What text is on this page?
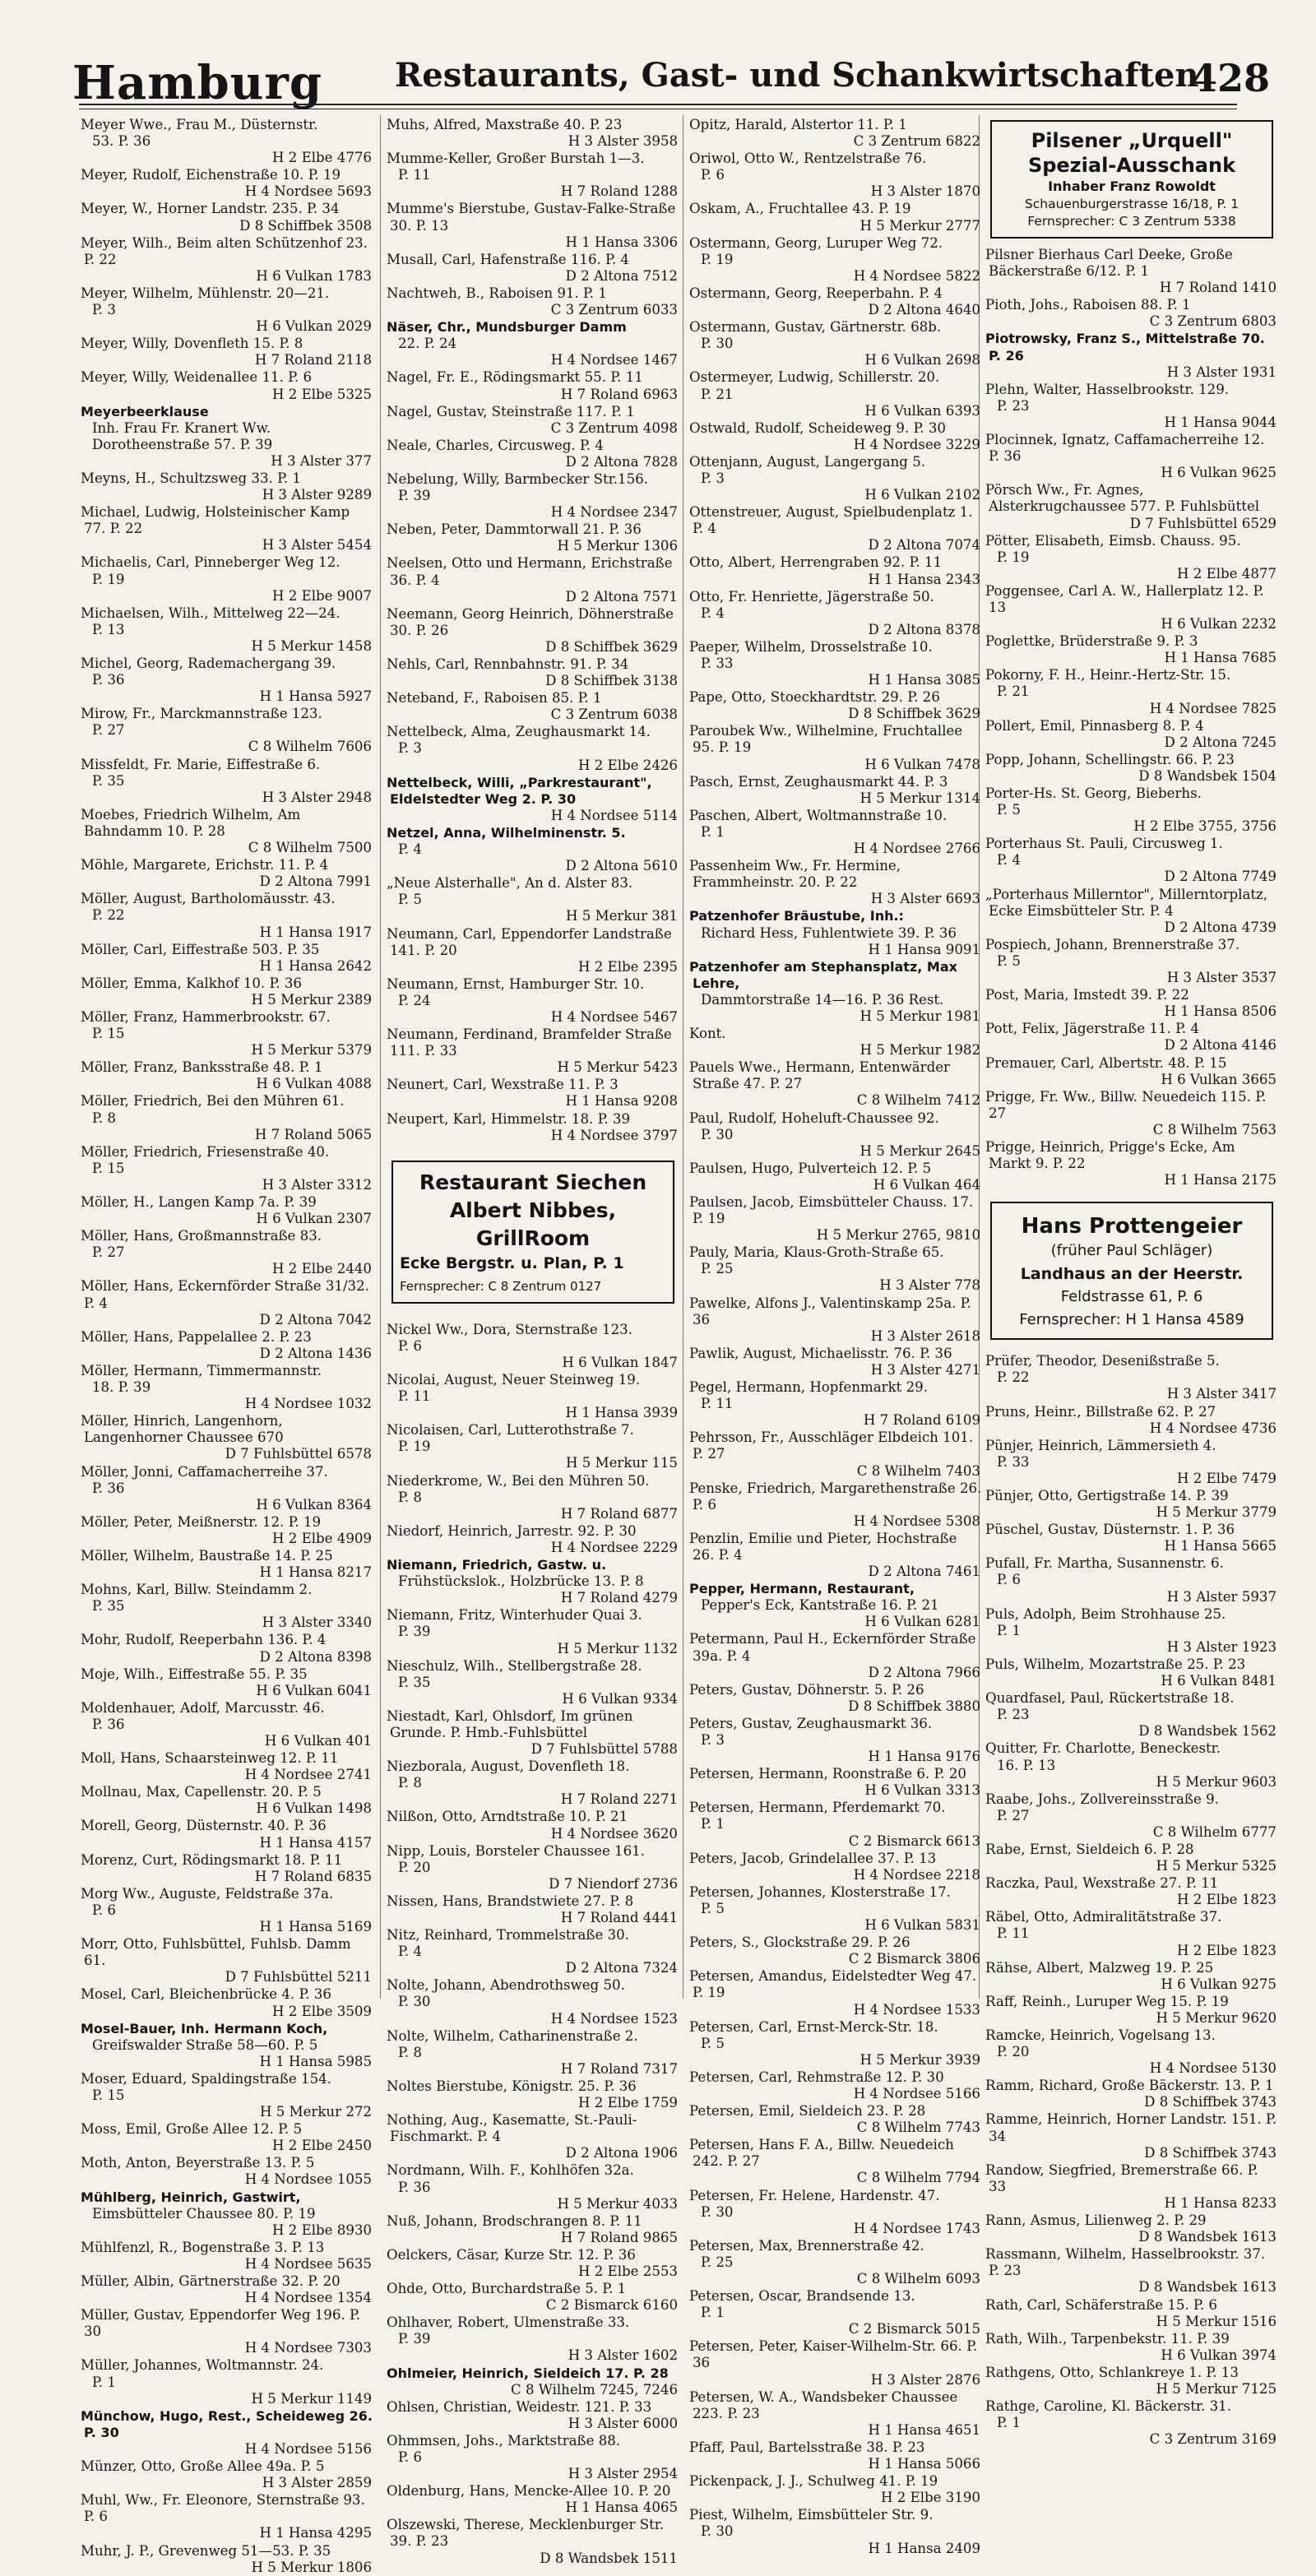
Hamburg Restaurants, Gast- und Schankwirtschaften
428
Meyer Wwe., Frau M., Düsternstr.
53. P. 36
H 2 Elbe 4776
Meyer, Rudolf, Eichenstraße 10. P. 19
H 4 Nordsee 5693
Meyer, W., Horner Landstr. 235. P. 34
D 8 Schiffbek 3508
Meyer, Wilh., Beim alten Schützenhof 23. P. 22
H 6 Vulkan 1783
Meyer, Wilhelm, Mühlenstr. 20—21.
P. 3
H 6 Vulkan 2029
Meyer, Willy, Dovenfleth 15. P. 8
H 7 Roland 2118
Meyer, Willy, Weidenallee 11. P. 6
H 2 Elbe 5325
Meyerbeerklause
Inh. Frau Fr. Kranert Ww. Dorotheenstraße 57. P. 39
H 3 Alster 377
Meyns, H., Schultzsweg 33. P. 1
H 3 Alster 9289
Michael, Ludwig, Holsteinischer Kamp 77. P. 22
H 3 Alster 5454
Michaelis, Carl, Pinneberger Weg 12.
P. 19
H 2 Elbe 9007
Michaelsen, Wilh., Mittelweg 22—24.
P. 13
H 5 Merkur 1458
Michel, Georg, Rademachergang 39.
P. 36
H 1 Hansa 5927
Mirow, Fr., Marckmannstraße 123.
P. 27
C 8 Wilhelm 7606
Missfeldt, Fr. Marie, Eiffestraße 6.
P. 35
H 3 Alster 2948
Moebes, Friedrich Wilhelm, Am Bahndamm 10. P. 28
C 8 Wilhelm 7500
Möhle, Margarete, Erichstr. 11. P. 4
D 2 Altona 7991
Möller, August, Bartholomäusstr. 43.
P. 22
H 1 Hansa 1917
Möller, Carl, Eiffestraße 503. P. 35
H 1 Hansa 2642
Möller, Emma, Kalkhof 10. P. 36
H 5 Merkur 2389
Möller, Franz, Hammerbrookstr. 67.
P. 15
H 5 Merkur 5379
Möller, Franz, Banksstraße 48. P. 1
H 6 Vulkan 4088
Möller, Friedrich, Bei den Mühren 61.
P. 8
H 7 Roland 5065
Möller, Friedrich, Friesenstraße 40.
P. 15
H 3 Alster 3312
Möller, H., Langen Kamp 7a. P. 39
H 6 Vulkan 2307
Möller, Hans, Großmannstraße 83.
P. 27
H 2 Elbe 2440
Möller, Hans, Eckernförder Straße 31/32. P. 4
D 2 Altona 7042
Möller, Hans, Pappelallee 2. P. 23
D 2 Altona 1436
Möller, Hermann, Timmermannstr.
18. P. 39
H 4 Nordsee 1032
Möller, Hinrich, Langenhorn, Langenhorner Chaussee 670
D 7 Fuhlsbüttel 6578
Möller, Jonni, Caffamacherreihe 37.
P. 36
H 6 Vulkan 8364
Möller, Peter, Meißnerstr. 12. P. 19
H 2 Elbe 4909
Möller, Wilhelm, Baustraße 14. P. 25
H 1 Hansa 8217
Mohns, Karl, Billw. Steindamm 2.
P. 35
H 3 Alster 3340
Mohr, Rudolf, Reeperbahn 136. P. 4
D 2 Altona 8398
Moje, Wilh., Eiffestraße 55. P. 35
H 6 Vulkan 6041
Moldenhauer, Adolf, Marcusstr. 46.
P. 36
H 6 Vulkan 401
Moll, Hans, Schaarsteinweg 12. P. 11
H 4 Nordsee 2741
Mollnau, Max, Capellenstr. 20. P. 5
H 6 Vulkan 1498
Morell, Georg, Düsternstr. 40. P. 36
H 1 Hansa 4157
Morenz, Curt, Rödingsmarkt 18. P. 11
H 7 Roland 6835
Morg Ww., Auguste, Feldstraße 37a.
P. 6
H 1 Hansa 5169
Morr, Otto, Fuhlsbüttel, Fuhlsb. Damm 61.
D 7 Fuhlsbüttel 5211
Mosel, Carl, Bleichenbrücke 4. P. 36
H 2 Elbe 3509
Mosel-Bauer, Inh. Hermann Koch,
Greifswalder Straße 58—60. P. 5
H 1 Hansa 5985
Moser, Eduard, Spaldingstraße 154.
P. 15
H 5 Merkur 272
Moss, Emil, Große Allee 12. P. 5
H 2 Elbe 2450
Moth, Anton, Beyerstraße 13. P. 5
H 4 Nordsee 1055
Mühlberg, Heinrich, Gastwirt,
Eimsbütteler Chaussee 80. P. 19
H 2 Elbe 8930
Mühlfenzl, R., Bogenstraße 3. P. 13
H 4 Nordsee 5635
Müller, Albin, Gärtnerstraße 32. P. 20
H 4 Nordsee 1354
Müller, Gustav, Eppendorfer Weg 196. P. 30
H 4 Nordsee 7303
Müller, Johannes, Woltmannstr. 24.
P. 1
H 5 Merkur 1149
Münchow, Hugo, Rest., Scheideweg 26. P. 30
H 4 Nordsee 5156
Münzer, Otto, Große Allee 49a. P. 5
H 3 Alster 2859
Muhl, Ww., Fr. Eleonore, Sternstraße 93. P. 6
H 1 Hansa 4295
Muhr, J. P., Grevenweg 51—53. P. 35
H 5 Merkur 1806
Muhs, Alfred, Maxstraße 40. P. 23
H 3 Alster 3958
Mumme-Keller, Großer Burstah 1—3.
P. 11
H 7 Roland 1288
Mumme's Bierstube, Gustav-Falke-Straße 30. P. 13
H 1 Hansa 3306
Musall, Carl, Hafenstraße 116. P. 4
D 2 Altona 7512
Nachtweh, B., Raboisen 91. P. 1
C 3 Zentrum 6033
Näser, Chr., Mundsburger Damm
22. P. 24
H 4 Nordsee 1467
Nagel, Fr. E., Rödingsmarkt 55. P. 11
H 7 Roland 6963
Nagel, Gustav, Steinstraße 117. P. 1
C 3 Zentrum 4098
Neale, Charles, Circusweg. P. 4
D 2 Altona 7828
Nebelung, Willy, Barmbecker Str.156.
P. 39
H 4 Nordsee 2347
Neben, Peter, Dammtorwall 21. P. 36
H 5 Merkur 1306
Neelsen, Otto und Hermann, Erichstraße 36. P. 4
D 2 Altona 7571
Neemann, Georg Heinrich, Döhnerstraße 30. P. 26
D 8 Schiffbek 3629
Nehls, Carl, Rennbahnstr. 91. P. 34
D 8 Schiffbek 3138
Neteband, F., Raboisen 85. P. 1
C 3 Zentrum 6038
Nettelbeck, Alma, Zeughausmarkt 14.
P. 3
H 2 Elbe 2426
Nettelbeck, Willi, „Parkrestaurant", Eldelstedter Weg 2. P. 30
H 4 Nordsee 5114
Netzel, Anna, Wilhelminenstr. 5.
P. 4
D 2 Altona 5610
„Neue Alsterhalle", An d. Alster 83.
P. 5
H 5 Merkur 381
Neumann, Carl, Eppendorfer Landstraße 141. P. 20
H 2 Elbe 2395
Neumann, Ernst, Hamburger Str. 10.
P. 24
H 4 Nordsee 5467
Neumann, Ferdinand, Bramfelder Straße 111. P. 33
H 5 Merkur 5423
Neunert, Carl, Wexstraße 11. P. 3
H 1 Hansa 9208
Neupert, Karl, Himmelstr. 18. P. 39
H 4 Nordsee 3797
Restaurant Siechen
Albert Nibbes, GrillRoom
Ecke Bergstr. u. Plan, P. 1
Fernsprecher: C 8 Zentrum 0127
Nickel Ww., Dora, Sternstraße 123.
P. 6
H 6 Vulkan 1847
Nicolai, August, Neuer Steinweg 19.
P. 11
H 1 Hansa 3939
Nicolaisen, Carl, Lutterothstraße 7.
P. 19
H 5 Merkur 115
Niederkrome, W., Bei den Mühren 50.
P. 8
H 7 Roland 6877
Niedorf, Heinrich, Jarrestr. 92. P. 30
H 4 Nordsee 2229
Niemann, Friedrich, Gastw. u.
Frühstückslok., Holzbrücke 13. P. 8
H 7 Roland 4279
Niemann, Fritz, Winterhuder Quai 3.
P. 39
H 5 Merkur 1132
Nieschulz, Wilh., Stellbergstraße 28.
P. 35
H 6 Vulkan 9334
Niestadt, Karl, Ohlsdorf, Im grünen Grunde. P. Hmb.-Fuhlsbüttel
D 7 Fuhlsbüttel 5788
Niezborala, August, Dovenfleth 18.
P. 8
H 7 Roland 2271
Nilßon, Otto, Arndtstraße 10. P. 21
H 4 Nordsee 3620
Nipp, Louis, Borsteler Chaussee 161.
P. 20
D 7 Niendorf 2736
Nissen, Hans, Brandstwiete 27. P. 8
H 7 Roland 4441
Nitz, Reinhard, Trommelstraße 30.
P. 4
D 2 Altona 7324
Nolte, Johann, Abendrothsweg 50.
P. 30
H 4 Nordsee 1523
Nolte, Wilhelm, Catharinenstraße 2.
P. 8
H 7 Roland 7317
Noltes Bierstube, Königstr. 25. P. 36
H 2 Elbe 1759
Nothing, Aug., Kasematte, St.-Pauli-Fischmarkt. P. 4
D 2 Altona 1906
Nordmann, Wilh. F., Kohlhöfen 32a.
P. 36
H 5 Merkur 4033
Nuß, Johann, Brodschrangen 8. P. 11
H 7 Roland 9865
Oelckers, Cäsar, Kurze Str. 12. P. 36
H 2 Elbe 2553
Ohde, Otto, Burchardstraße 5. P. 1
C 2 Bismarck 6160
Ohlhaver, Robert, Ulmenstraße 33.
P. 39
H 3 Alster 1602
Ohlmeier, Heinrich, Sieldeich 17. P. 28
C 8 Wilhelm 7245, 7246
Ohlsen, Christian, Weidestr. 121. P. 33
H 3 Alster 6000
Ohmmsen, Johs., Marktstraße 88.
P. 6
H 3 Alster 2954
Oldenburg, Hans, Mencke-Allee 10. P. 20
H 1 Hansa 4065
Olszewski, Therese, Mecklenburger Str. 39. P. 23
D 8 Wandsbek 1511
Opitz, Harald, Alstertor 11. P. 1
C 3 Zentrum 6822
Oriwol, Otto W., Rentzelstraße 76.
P. 6
H 3 Alster 1870
Oskam, A., Fruchtallee 43. P. 19
H 5 Merkur 2777
Ostermann, Georg, Luruper Weg 72.
P. 19
H 4 Nordsee 5822
Ostermann, Georg, Reeperbahn. P. 4
D 2 Altona 4640
Ostermann, Gustav, Gärtnerstr. 68b.
P. 30
H 6 Vulkan 2698
Ostermeyer, Ludwig, Schillerstr. 20.
P. 21
H 6 Vulkan 6393
Ostwald, Rudolf, Scheideweg 9. P. 30
H 4 Nordsee 3229
Ottenjann, August, Langergang 5.
P. 3
H 6 Vulkan 2102
Ottenstreuer, August, Spielbudenplatz 1. P. 4
D 2 Altona 7074
Otto, Albert, Herrengraben 92. P. 11
H 1 Hansa 2343
Otto, Fr. Henriette, Jägerstraße 50.
P. 4
D 2 Altona 8378
Paeper, Wilhelm, Drosselstraße 10.
P. 33
H 1 Hansa 3085
Pape, Otto, Stoeckhardtstr. 29. P. 26
D 8 Schiffbek 3629
Paroubek Ww., Wilhelmine, Fruchtallee 95. P. 19
H 6 Vulkan 7478
Pasch, Ernst, Zeughausmarkt 44. P. 3
H 5 Merkur 1314
Paschen, Albert, Woltmannstraße 10.
P. 1
H 4 Nordsee 2766
Passenheim Ww., Fr. Hermine, Frammheinstr. 20. P. 22
H 3 Alster 6693
Patzenhofer Bräustube, Inh.:
Richard Hess, Fuhlentwiete 39. P. 36
H 1 Hansa 9091
Patzenhofer am Stephansplatz, Max Lehre,
Dammtorstraße 14—16. P. 36 Rest.
H 5 Merkur 1981
Kont.
H 5 Merkur 1982
Pauels Wwe., Hermann, Entenwärder Straße 47. P. 27
C 8 Wilhelm 7412
Paul, Rudolf, Hoheluft-Chaussee 92.
P. 30
H 5 Merkur 2645
Paulsen, Hugo, Pulverteich 12. P. 5
H 6 Vulkan 464
Paulsen, Jacob, Eimsbütteler Chauss. 17. P. 19
H 5 Merkur 2765, 9810
Pauly, Maria, Klaus-Groth-Straße 65.
P. 25
H 3 Alster 778
Pawelke, Alfons J., Valentinskamp 25a. P. 36
H 3 Alster 2618
Pawlik, August, Michaelisstr. 76. P. 36
H 3 Alster 4271
Pegel, Hermann, Hopfenmarkt 29.
P. 11
H 7 Roland 6109
Pehrsson, Fr., Ausschläger Elbdeich 101. P. 27
C 8 Wilhelm 7403
Penske, Friedrich, Margarethenstraße 26. P. 6
H 4 Nordsee 5308
Penzlin, Emilie und Pieter, Hochstraße 26. P. 4
D 2 Altona 7461
Pepper, Hermann, Restaurant,
Pepper's Eck, Kantstraße 16. P. 21
H 6 Vulkan 6281
Petermann, Paul H., Eckernförder Straße 39a. P. 4
D 2 Altona 7966
Peters, Gustav, Döhnerstr. 5. P. 26
D 8 Schiffbek 3880
Peters, Gustav, Zeughausmarkt 36.
P. 3
H 1 Hansa 9176
Petersen, Hermann, Roonstraße 6. P. 20
H 6 Vulkan 3313
Petersen, Hermann, Pferdemarkt 70.
P. 1
C 2 Bismarck 6613
Peters, Jacob, Grindelallee 37. P. 13
H 4 Nordsee 2218
Petersen, Johannes, Klosterstraße 17.
P. 5
H 6 Vulkan 5831
Peters, S., Glockstraße 29. P. 26
C 2 Bismarck 3806
Petersen, Amandus, Eidelstedter Weg 47. P. 19
H 4 Nordsee 1533
Petersen, Carl, Ernst-Merck-Str. 18.
P. 5
H 5 Merkur 3939
Petersen, Carl, Rehmstraße 12. P. 30
H 4 Nordsee 5166
Petersen, Emil, Sieldeich 23. P. 28
C 8 Wilhelm 7743
Petersen, Hans F. A., Billw. Neuedeich 242. P. 27
C 8 Wilhelm 7794
Petersen, Fr. Helene, Hardenstr. 47.
P. 30
H 4 Nordsee 1743
Petersen, Max, Brennerstraße 42.
P. 25
C 8 Wilhelm 6093
Petersen, Oscar, Brandsende 13.
P. 1
C 2 Bismarck 5015
Petersen, Peter, Kaiser-Wilhelm-Str. 66. P. 36
H 3 Alster 2876
Petersen, W. A., Wandsbeker Chaussee 223. P. 23
H 1 Hansa 4651
Pfaff, Paul, Bartelsstraße 38. P. 23
H 1 Hansa 5066
Pickenpack, J. J., Schulweg 41. P. 19
H 2 Elbe 3190
Piest, Wilhelm, Eimsbütteler Str. 9.
P. 30
H 1 Hansa 2409
Pilsener „Urquell"
Spezial-Ausschank
Inhaber Franz Rowoldt
Schauenburgerstrasse 16/18, P. 1
Fernsprecher: C 3 Zentrum 5338
Pilsner Bierhaus Carl Deeke, Große Bäckerstraße 6/12. P. 1
H 7 Roland 1410
Pioth, Johs., Raboisen 88. P. 1
C 3 Zentrum 6803
Piotrowsky, Franz S., Mittelstraße 70. P. 26
H 3 Alster 1931
Plehn, Walter, Hasselbrookstr. 129.
P. 23
H 1 Hansa 9044
Plocinnek, Ignatz, Caffamacherreihe 12. P. 36
H 6 Vulkan 9625
Pörsch Ww., Fr. Agnes, Alsterkrugchaussee 577. P. Fuhlsbüttel
D 7 Fuhlsbüttel 6529
Pötter, Elisabeth, Eimsb. Chauss. 95.
P. 19
H 2 Elbe 4877
Poggensee, Carl A. W., Hallerplatz 12. P. 13
H 6 Vulkan 2232
Poglettke, Brüderstraße 9. P. 3
H 1 Hansa 7685
Pokorny, F. H., Heinr.-Hertz-Str. 15.
P. 21
H 4 Nordsee 7825
Pollert, Emil, Pinnasberg 8. P. 4
D 2 Altona 7245
Popp, Johann, Schellingstr. 66. P. 23
D 8 Wandsbek 1504
Porter-Hs. St. Georg, Bieberhs.
P. 5
H 2 Elbe 3755, 3756
Porterhaus St. Pauli, Circusweg 1.
P. 4
D 2 Altona 7749
„Porterhaus Millerntor", Millerntorplatz, Ecke Eimsbütteler Str. P. 4
D 2 Altona 4739
Pospiech, Johann, Brennerstraße 37.
P. 5
H 3 Alster 3537
Post, Maria, Imstedt 39. P. 22
H 1 Hansa 8506
Pott, Felix, Jägerstraße 11. P. 4
D 2 Altona 4146
Premauer, Carl, Albertstr. 48. P. 15
H 6 Vulkan 3665
Prigge, Fr. Ww., Billw. Neuedeich 115. P. 27
C 8 Wilhelm 7563
Prigge, Heinrich, Prigge's Ecke, Am Markt 9. P. 22
H 1 Hansa 2175
Hans Prottengeier
(früher Paul Schläger)
Landhaus an der Heerstr.
Feldstrasse 61, P. 6
Fernsprecher: H 1 Hansa 4589
Prüfer, Theodor, Desenißstraße 5.
P. 22
H 3 Alster 3417
Pruns, Heinr., Billstraße 62. P. 27
H 4 Nordsee 4736
Pünjer, Heinrich, Lämmersieth 4.
P. 33
H 2 Elbe 7479
Pünjer, Otto, Gertigstraße 14. P. 39
H 5 Merkur 3779
Püschel, Gustav, Düsternstr. 1. P. 36
H 1 Hansa 5665
Pufall, Fr. Martha, Susannenstr. 6.
P. 6
H 3 Alster 5937
Puls, Adolph, Beim Strohhause 25.
P. 1
H 3 Alster 1923
Puls, Wilhelm, Mozartstraße 25. P. 23
H 6 Vulkan 8481
Quardfasel, Paul, Rückertstraße 18.
P. 23
D 8 Wandsbek 1562
Quitter, Fr. Charlotte, Beneckestr.
16. P. 13
H 5 Merkur 9603
Raabe, Johs., Zollvereinsstraße 9.
P. 27
C 8 Wilhelm 6777
Rabe, Ernst, Sieldeich 6. P. 28
H 5 Merkur 5325
Raczka, Paul, Wexstraße 27. P. 11
H 2 Elbe 1823
Räbel, Otto, Admiralitätstraße 37.
P. 11
H 2 Elbe 1823
Rähse, Albert, Malzweg 19. P. 25
H 6 Vulkan 9275
Raff, Reinh., Luruper Weg 15. P. 19
H 5 Merkur 9620
Ramcke, Heinrich, Vogelsang 13.
P. 20
H 4 Nordsee 5130
Ramm, Richard, Große Bäckerstr. 13. P. 1
D 8 Schiffbek 3743
Ramme, Heinrich, Horner Landstr. 151. P. 34
D 8 Schiffbek 3743
Randow, Siegfried, Bremerstraße 66. P. 33
H 1 Hansa 8233
Rann, Asmus, Lilienweg 2. P. 29
D 8 Wandsbek 1613
Rassmann, Wilhelm, Hasselbrookstr. 37. P. 23
D 8 Wandsbek 1613
Rath, Carl, Schäferstraße 15. P. 6
H 5 Merkur 1516
Rath, Wilh., Tarpenbekstr. 11. P. 39
H 6 Vulkan 3974
Rathgens, Otto, Schlankreye 1. P. 13
H 5 Merkur 7125
Rathge, Caroline, Kl. Bäckerstr. 31.
P. 1
C 3 Zentrum 3169
